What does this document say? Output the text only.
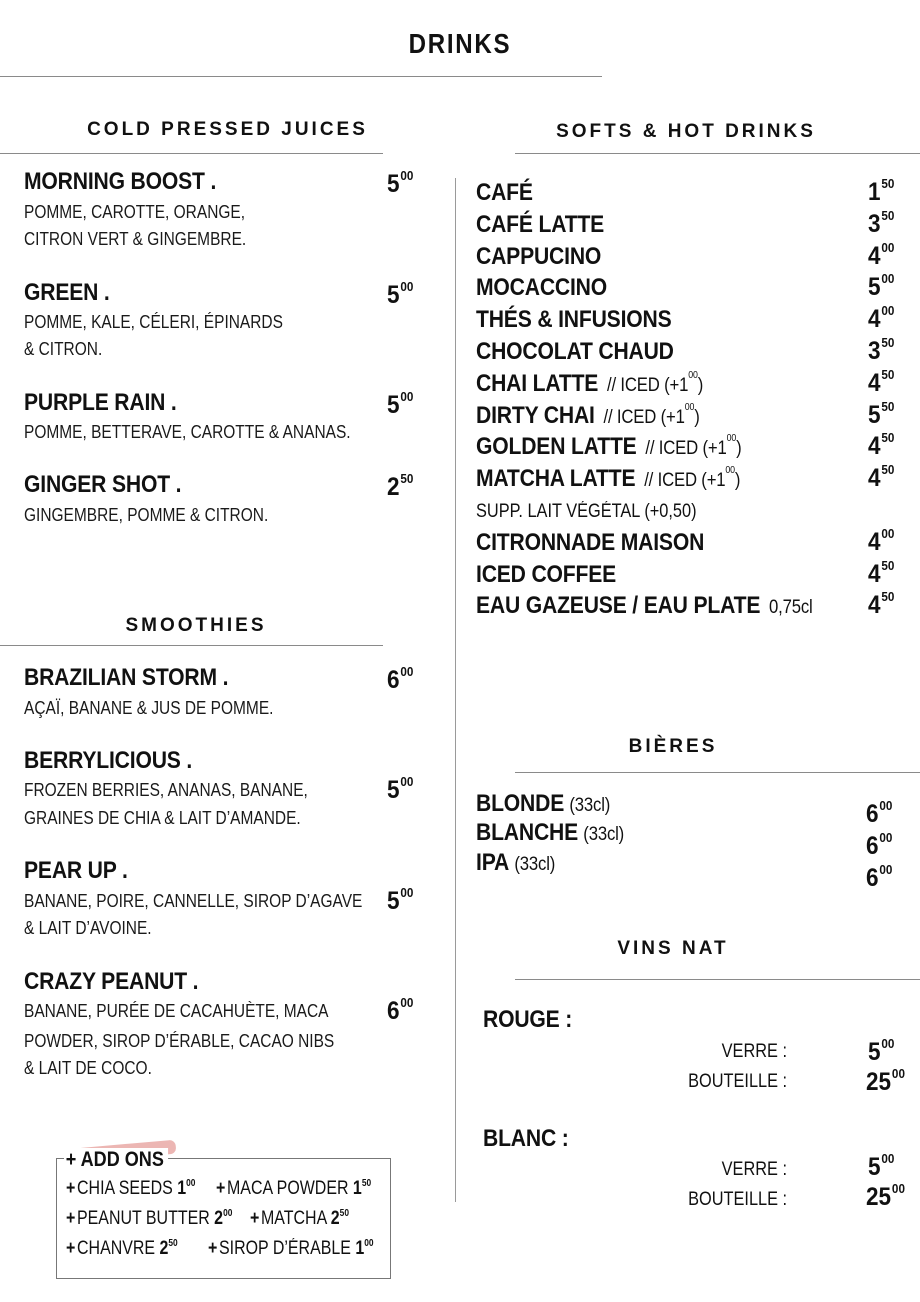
DRINKS
COLD PRESSED JUICES
MORNING BOOST .
POMME, CAROTTE, ORANGE,
CITRON VERT & GINGEMBRE.
$5^{00}$
GREEN .
POMME, KALE, CÉLERI, ÉPINARDS
& CITRON.
$5^{00}$
PURPLE RAIN .
POMME, BETTERAVE, CAROTTE & ANANAS.
$5^{00}$
GINGER SHOT .
GINGEMBRE, POMME & CITRON.
$2^{50}$
SMOOTHIES
BRAZILIAN STORM .
AÇAÏ, BANANE & JUS DE POMME.
$6^{00}$
BERRYLICIOUS .
FROZEN BERRIES, ANANAS, BANANE,
GRAINES DE CHIA & LAIT D’AMANDE.
$5^{00}$
PEAR UP .
BANANE, POIRE, CANNELLE, SIROP D’AGAVE
& LAIT D’AVOINE.
$5^{00}$
CRAZY PEANUT .
BANANE, PURÉE DE CACAHUÈTE, MACA
POWDER, SIROP D’ÉRABLE, CACAO NIBS
& LAIT DE COCO.
$6^{00}$
+ ADD ONS
+CHIA SEEDS $1^{00}$ +MACA POWDER $1^{50}$
+PEANUT BUTTER $2^{00}$ +MATCHA $2^{50}$
+CHANVRE $2^{50}$ +SIROP D’ÉRABLE $1^{00}$
SOFTS & HOT DRINKS
CAFÉ	$1^{50}$
CAFÉ LATTE	$3^{50}$
CAPPUCINO	$4^{00}$
MOCACCINO	$5^{00}$
THÉS & INFUSIONS	$4^{00}$
CHOCOLAT CHAUD	$3^{50}$
CHAI LATTE // ICED $(+1^{00})$	$4^{50}$
DIRTY CHAI // ICED $(+1^{00})$	$5^{50}$
GOLDEN LATTE // ICED $(+1^{00})$	$4^{50}$
MATCHA LATTE // ICED $(+1^{00})$	$4^{50}$
SUPP. LAIT VÉGÉTAL (+0,50)
CITRONNADE MAISON	$4^{00}$
ICED COFFEE	$4^{50}$
EAU GAZEUSE / EAU PLATE 0,75cl $4^{50}$
BIÈRES
BLONDE (33cl)	$6^{00}$
BLANCHE (33cl)	$6^{00}$
IPA (33cl)	$6^{00}$
VINS NAT
ROUGE :
VERRE :	$5^{00}$
BOUTEILLE :	$25^{00}$
BLANC :
VERRE :	$5^{00}$
BOUTEILLE :	$25^{00}$
